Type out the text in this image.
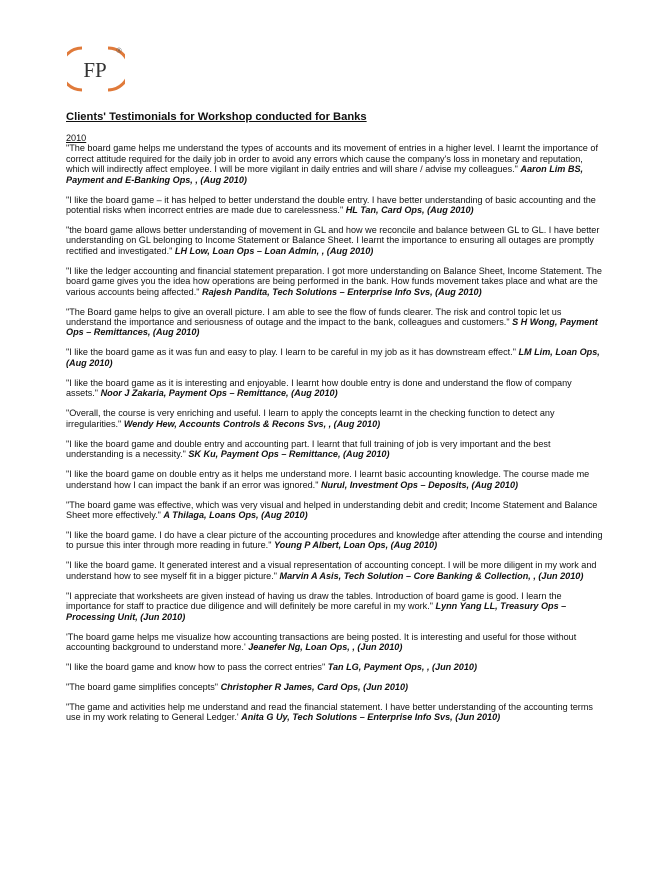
FP
®
Clients' Testimonials for Workshop conducted for Banks
2010

"The board game helps me understand the types of accounts and its movement of entries in a higher level. I learnt the importance of correct attitude required for the daily job in order to avoid any errors which cause the company's loss in monetary and reputation, which will indirectly affect employee. I will be more vigilant in daily entries and will share / advise my colleagues." Aaron Lim BS, Payment and E-Banking Ops, , (Aug 2010)

"I like the board game – it has helped to better understand the double entry. I have better understanding of basic accounting and the potential risks when incorrect entries are made due to carelessness." HL Tan, Card Ops, (Aug 2010)

"the board game allows better understanding of movement in GL and how we reconcile and balance between GL to GL. I have better understanding on GL belonging to Income Statement or Balance Sheet. I learnt the importance to ensuring all outages are promptly rectified and investigated." LH Low, Loan Ops – Loan Admin, , (Aug 2010)

"I like the ledger accounting and financial statement preparation. I got more understanding on Balance Sheet, Income Statement. The board game gives you the idea how operations are being performed in the bank. How funds movement takes place and what are the various accounts being affected." Rajesh Pandita, Tech Solutions – Enterprise Info Svs, (Aug 2010)

"The Board game helps to give an overall picture. I am able to see the flow of funds clearer. The risk and control topic let us understand the importance and seriousness of outage and the impact to the bank, colleagues and customers." S H Wong, Payment Ops – Remittances, (Aug 2010)

"I like the board game as it was fun and easy to play. I learn to be careful in my job as it has downstream effect." LM Lim, Loan Ops, (Aug 2010)

"I like the board game as it is interesting and enjoyable. I learnt how double entry is done and understand the flow of company assets." Noor J Zakaria, Payment Ops – Remittance, (Aug 2010)

"Overall, the course is very enriching and useful. I learn to apply the concepts learnt in the checking function to detect any irregularities." Wendy Hew, Accounts Controls & Recons Svs, , (Aug 2010)

"I like the board game and double entry and accounting part. I learnt that full training of job is very important and the best understanding is a necessity." SK Ku, Payment Ops – Remittance, (Aug 2010)

"I like the board game on double entry as it helps me understand more. I learnt basic accounting knowledge. The course made me understand how I can impact the bank if an error was ignored." Nurul, Investment Ops – Deposits, (Aug 2010)

"The board game was effective, which was very visual and helped in understanding debit and credit; Income Statement and Balance Sheet more effectively." A Thilaga, Loans Ops, (Aug 2010)

"I like the board game. I do have a clear picture of the accounting procedures and knowledge after attending the course and intending to pursue this inter through more reading in future." Young P Albert, Loan Ops, (Aug 2010)

"I like the board game. It generated interest and a visual representation of accounting concept. I will be more diligent in my work and understand how to see myself fit in a bigger picture." Marvin A Asis, Tech Solution – Core Banking & Collection, , (Jun 2010)

"I appreciate that worksheets are given instead of having us draw the tables. Introduction of board game is good. I learn the importance for staff to practice due diligence and will definitely be more careful in my work." Lynn Yang LL, Treasury Ops – Processing Unit, (Jun 2010)

'The board game helps me visualize how accounting transactions are being posted. It is interesting and useful for those without accounting background to understand more.' Jeanefer Ng, Loan Ops, , (Jun 2010)

"I like the board game and know how to pass the correct entries" Tan LG, Payment Ops, , (Jun 2010)

"The board game simplifies concepts" Christopher R James, Card Ops, (Jun 2010)

"The game and activities help me understand and read the financial statement. I have better understanding of the accounting terms use in my work relating to General Ledger.' Anita G Uy, Tech Solutions – Enterprise Info Svs, (Jun 2010)
